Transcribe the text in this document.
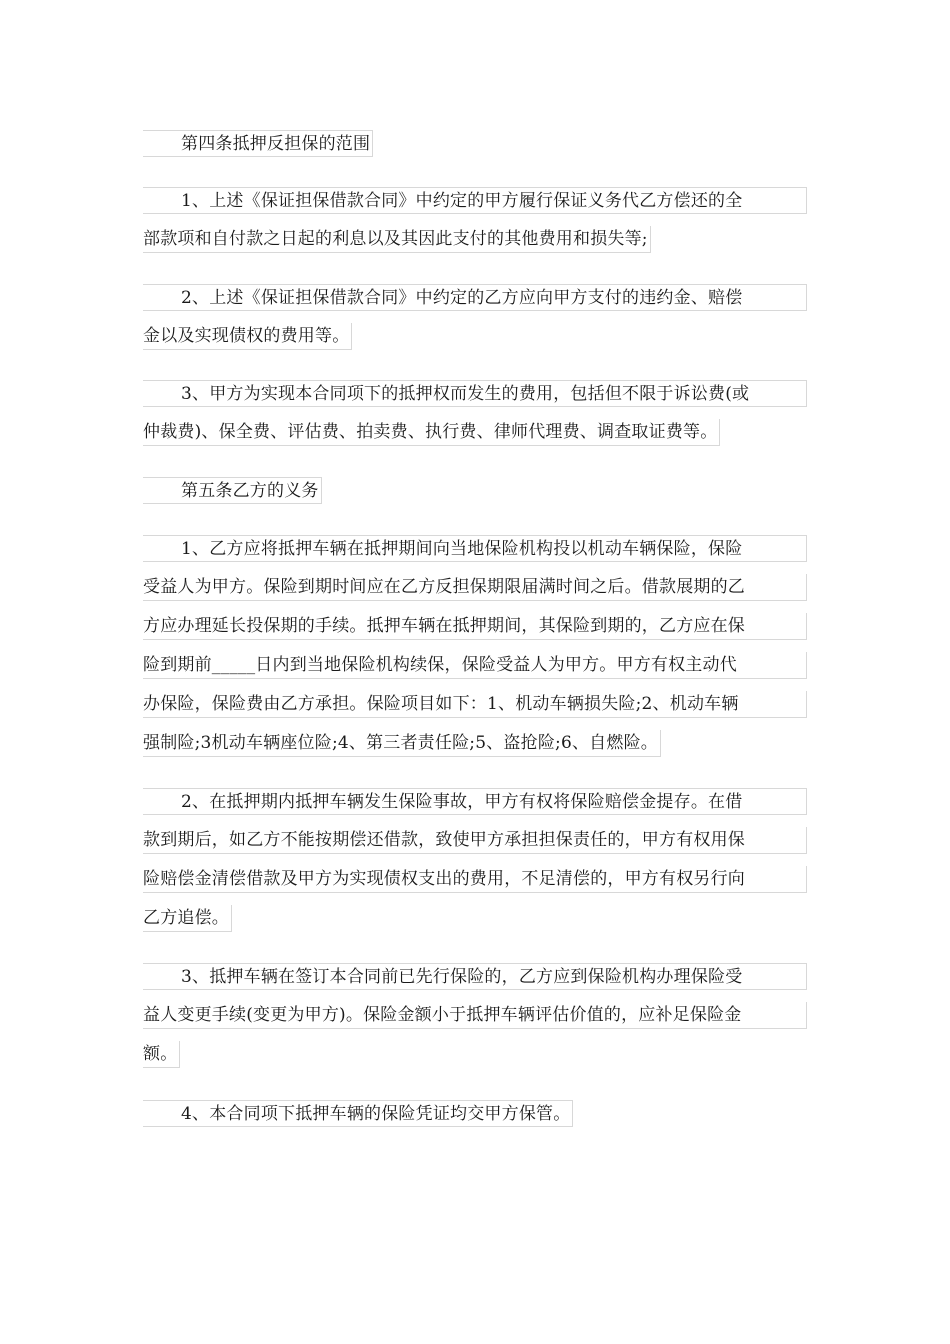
第四条抵押反担保的范围
1、上述《保证担保借款合同》中约定的甲方履行保证义务代乙方偿还的全
部款项和自付款之日起的利息以及其因此支付的其他费用和损失等;
2、上述《保证担保借款合同》中约定的乙方应向甲方支付的违约金、赔偿
金以及实现债权的费用等。
3、甲方为实现本合同项下的抵押权而发生的费用，包括但不限于诉讼费(或
仲裁费)、保全费、评估费、拍卖费、执行费、律师代理费、调查取证费等。
第五条乙方的义务
1、乙方应将抵押车辆在抵押期间向当地保险机构投以机动车辆保险，保险
受益人为甲方。保险到期时间应在乙方反担保期限届满时间之后。借款展期的乙
方应办理延长投保期的手续。抵押车辆在抵押期间，其保险到期的，乙方应在保
险到期前_____日内到当地保险机构续保，保险受益人为甲方。甲方有权主动代
办保险，保险费由乙方承担。保险项目如下：1、机动车辆损失险;2、机动车辆
强制险;3机动车辆座位险;4、第三者责任险;5、盗抢险;6、自燃险。
2、在抵押期内抵押车辆发生保险事故，甲方有权将保险赔偿金提存。在借
款到期后，如乙方不能按期偿还借款，致使甲方承担担保责任的，甲方有权用保
险赔偿金清偿借款及甲方为实现债权支出的费用，不足清偿的，甲方有权另行向
乙方追偿。
3、抵押车辆在签订本合同前已先行保险的，乙方应到保险机构办理保险受
益人变更手续(变更为甲方)。保险金额小于抵押车辆评估价值的，应补足保险金
额。
4、本合同项下抵押车辆的保险凭证均交甲方保管。
